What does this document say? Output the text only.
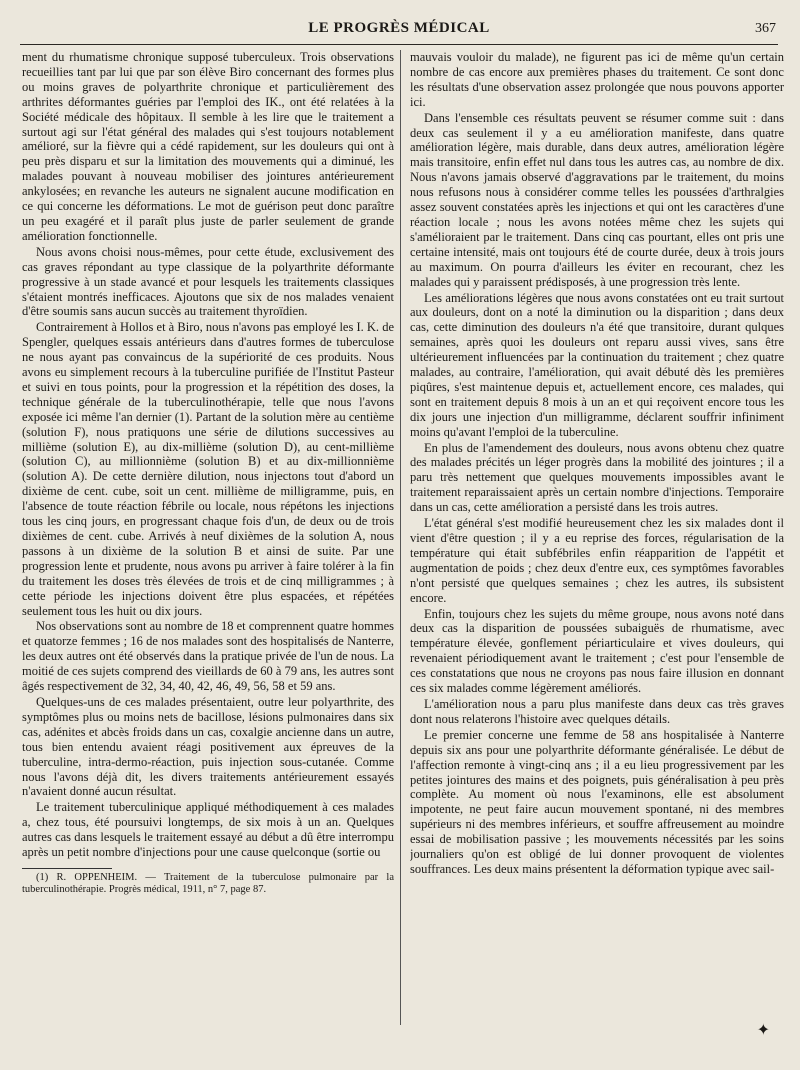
LE PROGRÈS MÉDICAL	367

ment du rhumatisme chronique supposé tuberculeux. Trois observations recueillies tant par lui que par son élève Biro concernant des formes plus ou moins graves de polyarthrite chronique et particulièrement des arthrites déformantes guéries par l'emploi des IK., ont été relatées à la Société médicale des hôpitaux. Il semble à les lire que le traitement a surtout agi sur l'état général des malades qui s'est toujours notablement amélioré, sur la fièvre qui a cédé rapidement, sur les douleurs qui ont à peu près disparu et sur la limitation des mouvements qui a diminué, les malades pouvant à nouveau mobiliser des jointures antérieurement ankylosées; en revanche les auteurs ne signalent aucune modification en ce qui concerne les déformations. Le mot de guérison peut donc paraître un peu exagéré et il paraît plus juste de parler seulement de grande amélioration fonctionnelle.

Nous avons choisi nous-mêmes, pour cette étude, exclusivement des cas graves répondant au type classique de la polyarthrite déformante progressive à un stade avancé et pour lesquels les traitements classiques s'étaient montrés inefficaces. Ajoutons que six de nos malades venaient d'être soumis sans aucun succès au traitement thyroïdien.

Contrairement à Hollos et à Biro, nous n'avons pas employé les I. K. de Spengler, quelques essais antérieurs dans d'autres formes de tuberculose ne nous ayant pas convaincus de la supériorité de ces produits. Nous avons eu simplement recours à la tuberculine purifiée de l'Institut Pasteur et suivi en tous points, pour la progression et la répétition des doses, la technique générale de la tuberculinothérapie, telle que nous l'avons exposée ici même l'an dernier (1). Partant de la solution mère au centième (solution F), nous pratiquons une série de dilutions successives au millième (solution E), au dix-millième (solution D), au cent-millième (solution C), au millionnième (solution B) et au dix-millionnième (solution A). De cette dernière dilution, nous injectons tout d'abord un dixième de cent. cube, soit un cent. millième de milligramme, puis, en l'absence de toute réaction fébrile ou locale, nous répétons les injections tous les cinq jours, en progressant chaque fois d'un, de deux ou de trois dixièmes de cent. cube. Arrivés à neuf dixièmes de la solution A, nous passons à un dixième de la solution B et ainsi de suite. Par une progression lente et prudente, nous avons pu arriver à faire tolérer à la fin du traitement les doses très élevées de trois et de cinq milligrammes ; à cette période les injections doivent être plus espacées, et répétées seulement tous les huit ou dix jours.

Nos observations sont au nombre de 18 et comprennent quatre hommes et quatorze femmes ; 16 de nos malades sont des hospitalisés de Nanterre, les deux autres ont été observés dans la pratique privée de l'un de nous. La moitié de ces sujets comprend des vieillards de 60 à 79 ans, les autres sont âgés respectivement de 32, 34, 40, 42, 46, 49, 56, 58 et 59 ans.

Quelques-uns de ces malades présentaient, outre leur polyarthrite, des symptômes plus ou moins nets de bacillose, lésions pulmonaires dans six cas, adénites et abcès froids dans un cas, coxalgie ancienne dans un autre, tous bien entendu avaient réagi positivement aux épreuves de la tuberculine, intra-dermo-réaction, puis injection sous-cutanée. Comme nous l'avons déjà dit, les divers traitements antérieurement essayés n'avaient donné aucun résultat.

Le traitement tuberculinique appliqué méthodiquement à ces malades a, chez tous, été poursuivi longtemps, de six mois à un an. Quelques autres cas dans lesquels le traitement essayé au début a dû être interrompu après un petit nombre d'injections pour une cause quelconque (sortie ou

(1) R. OPPENHEIM. — Traitement de la tuberculose pulmonaire par la tuberculinothérapie. Progrès médical, 1911, n° 7, page 87.

mauvais vouloir du malade), ne figurent pas ici de même qu'un certain nombre de cas encore aux premières phases du traitement. Ce sont donc les résultats d'une observation assez prolongée que nous pouvons apporter ici.

Dans l'ensemble ces résultats peuvent se résumer comme suit : dans deux cas seulement il y a eu amélioration manifeste, dans quatre amélioration légère, mais durable, dans deux autres, amélioration légère mais transitoire, enfin effet nul dans tous les autres cas, au nombre de dix. Nous n'avons jamais observé d'aggravations par le traitement, du moins nous refusons nous à considérer comme telles les poussées d'arthralgies assez souvent constatées après les injections et qui ont les caractères d'une réaction locale ; nous les avons notées même chez les sujets qui s'amélioraient par le traitement. Dans cinq cas pourtant, elles ont pris une certaine intensité, mais ont toujours été de courte durée, deux à trois jours au maximum. On pourra d'ailleurs les éviter en recourant, chez les malades qui y paraissent prédisposés, à une progression très lente.

Les améliorations légères que nous avons constatées ont eu trait surtout aux douleurs, dont on a noté la diminution ou la disparition ; dans deux cas, cette diminution des douleurs n'a été que transitoire, durant qulques semaines, après quoi les douleurs ont reparu aussi vives, sans être ultérieurement influencées par la continuation du traitement ; chez quatre malades, au contraire, l'amélioration, qui avait débuté dès les premières piqûres, s'est maintenue depuis et, actuellement encore, ces malades, qui sont en traitement depuis 8 mois à un an et qui reçoivent encore tous les dix jours une injection d'un milligramme, déclarent souffrir infiniment moins qu'avant l'emploi de la tuberculine.

En plus de l'amendement des douleurs, nous avons obtenu chez quatre des malades précités un léger progrès dans la mobilité des jointures ; il a paru très nettement que quelques mouvements impossibles avant le traitement reparaissaient après un certain nombre d'injections. Temporaire dans un cas, cette amélioration a persisté dans les trois autres.

L'état général s'est modifié heureusement chez les six malades dont il vient d'être question ; il y a eu reprise des forces, régularisation de la température qui était subfébriles enfin réapparition de l'appétit et augmentation de poids ; chez deux d'entre eux, ces symptômes favorables n'ont persisté que quelques semaines ; chez les autres, ils subsistent encore.

Enfin, toujours chez les sujets du même groupe, nous avons noté dans deux cas la disparition de poussées subaiguës de rhumatisme, avec température élevée, gonflement périarticulaire et vives douleurs, qui revenaient périodiquement avant le traitement ; c'est pour l'ensemble de ces constatations que nous ne croyons pas nous faire illusion en donnant ces six malades comme légèrement améliorés.

L'amélioration nous a paru plus manifeste dans deux cas très graves dont nous relaterons l'histoire avec quelques détails.

Le premier concerne une femme de 58 ans hospitalisée à Nanterre depuis six ans pour une polyarthrite déformante généralisée. Le début de l'affection remonte à vingt-cinq ans ; il a eu lieu progressivement par les petites jointures des mains et des poignets, puis généralisation à peu près complète. Au moment où nous l'examinons, elle est absolument impotente, ne peut faire aucun mouvement spontané, ni des membres supérieurs ni des membres inférieurs, et souffre affreusement au moindre essai de mobilisation passive ; les mouvements nécessités par les soins journaliers qu'on est obligé de lui donner provoquent de violentes souffrances. Les deux mains présentent la déformation typique avec sail-

✦
